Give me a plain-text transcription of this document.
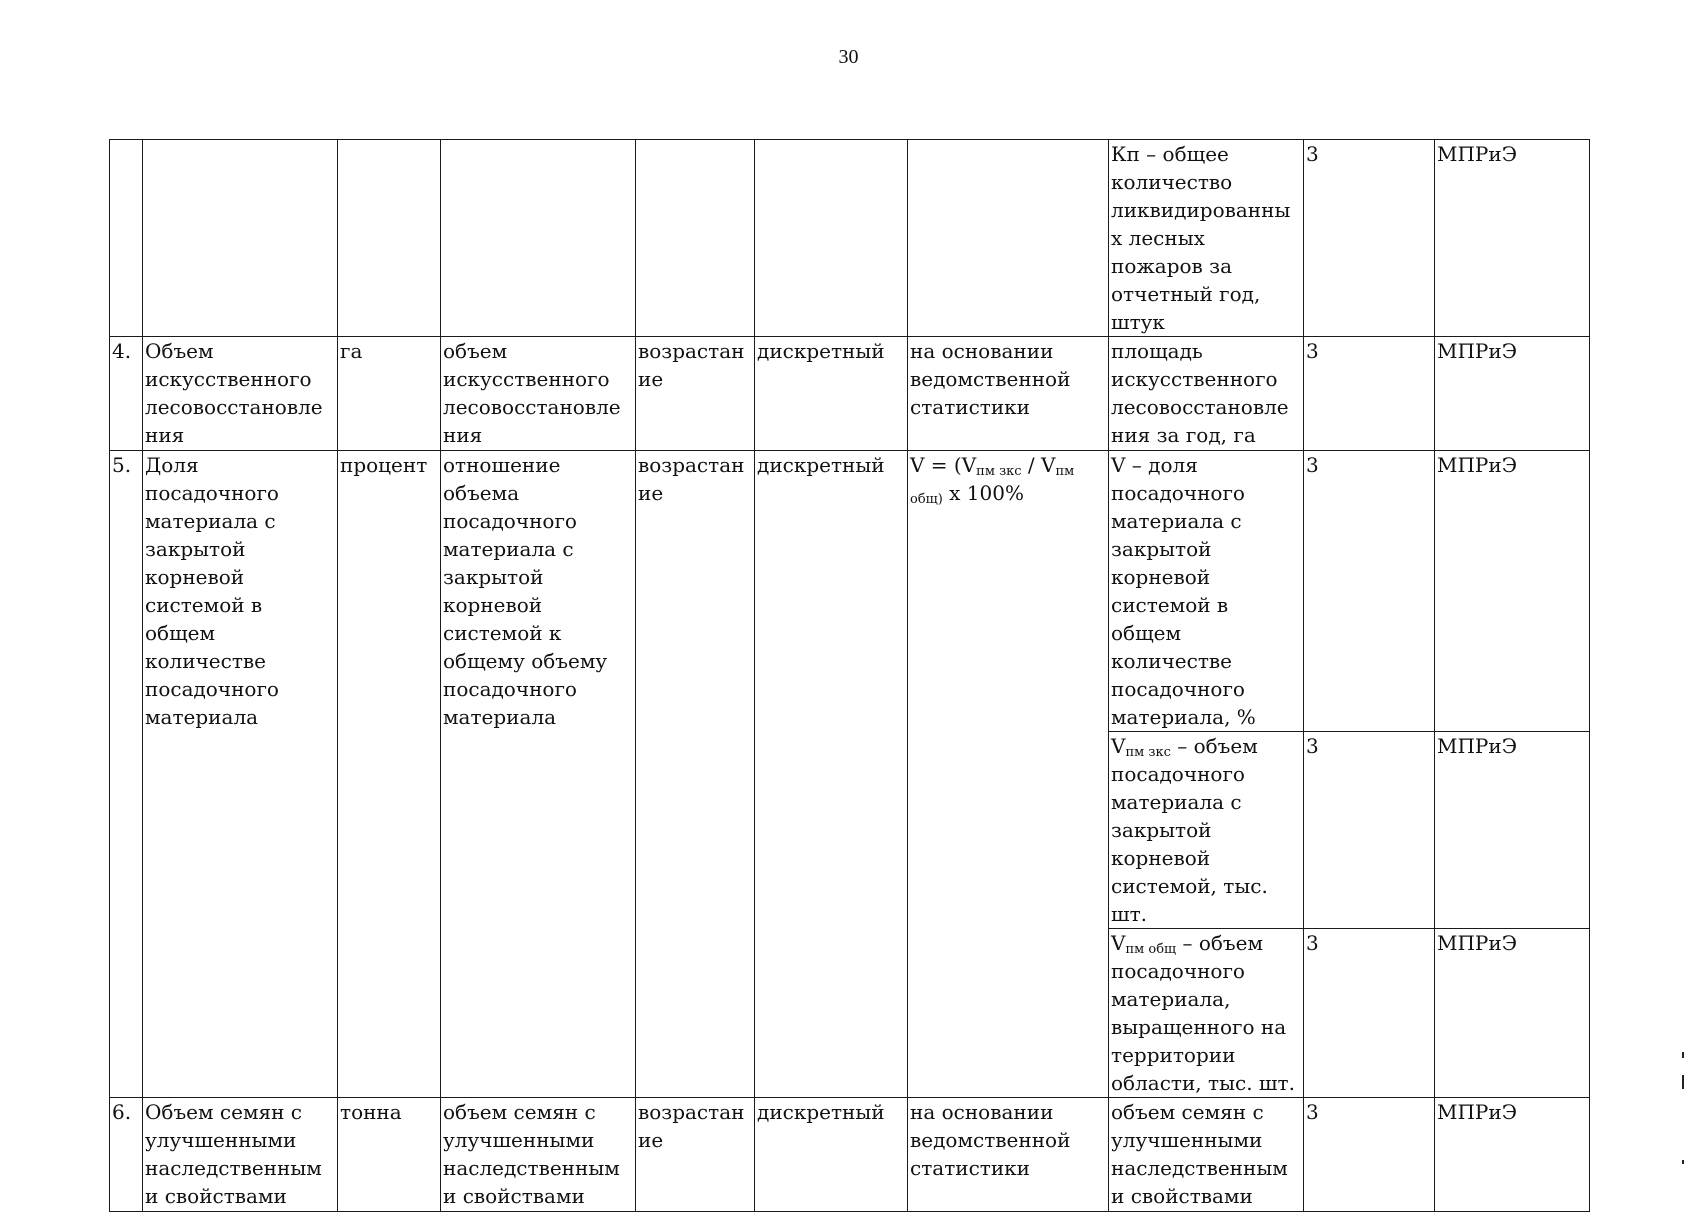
30
							Кп – общее количество ликвидированных лесных пожаров за отчетный год, штук	3	МПРиЭ
4.	Объем искусственного лесовосстановления	га	объем искусственного лесовосстановления	возрастание	дискретный	на основании ведомственной статистики	площадь искусственного лесовосстановления за год, га	3	МПРиЭ
5.	Доля посадочного материала с закрытой корневой системой в общем количестве посадочного материала	процент	отношение объема посадочного материала с закрытой корневой системой к общему объему посадочного материала	возрастание	дискретный	$V = (V_{пм зкс} / V_{пм общ)}$ х 100%	V – доля посадочного материала с закрытой корневой системой в общем количестве посадочного материала, %	3	МПРиЭ
							$V_{пм зкс}$ – объем посадочного материала с закрытой корневой системой, тыс. шт.	3	МПРиЭ
							$V_{пм общ}$ – объем посадочного материала, выращенного на территории области, тыс. шт.	3	МПРиЭ
6.	Объем семян с улучшенными наследственными свойствами	тонна	объем семян с улучшенными наследственными свойствами	возрастание	дискретный	на основании ведомственной статистики	объем семян с улучшенными наследственными свойствами	3	МПРиЭ
